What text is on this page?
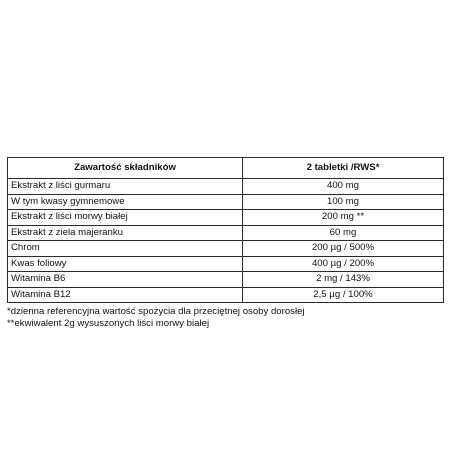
Zawartość składników	2 tabletki /RWS*
Ekstrakt z liści gurmaru	400 mg
W tym kwasy gymnemowe	100 mg
Ekstrakt z liści morwy białej	200 mg **
Ekstrakt z ziela majeranku	60 mg
Chrom	200 µg / 500%
Kwas foliowy	400 µg / 200%
Witamina B6	2 mg / 143%
Witamina B12	2,5 µg / 100%

*dzienna referencyjna wartość spożycia dla przeciętnej osoby dorosłej

**ekwiwalent 2g wysuszonych liści morwy białej
